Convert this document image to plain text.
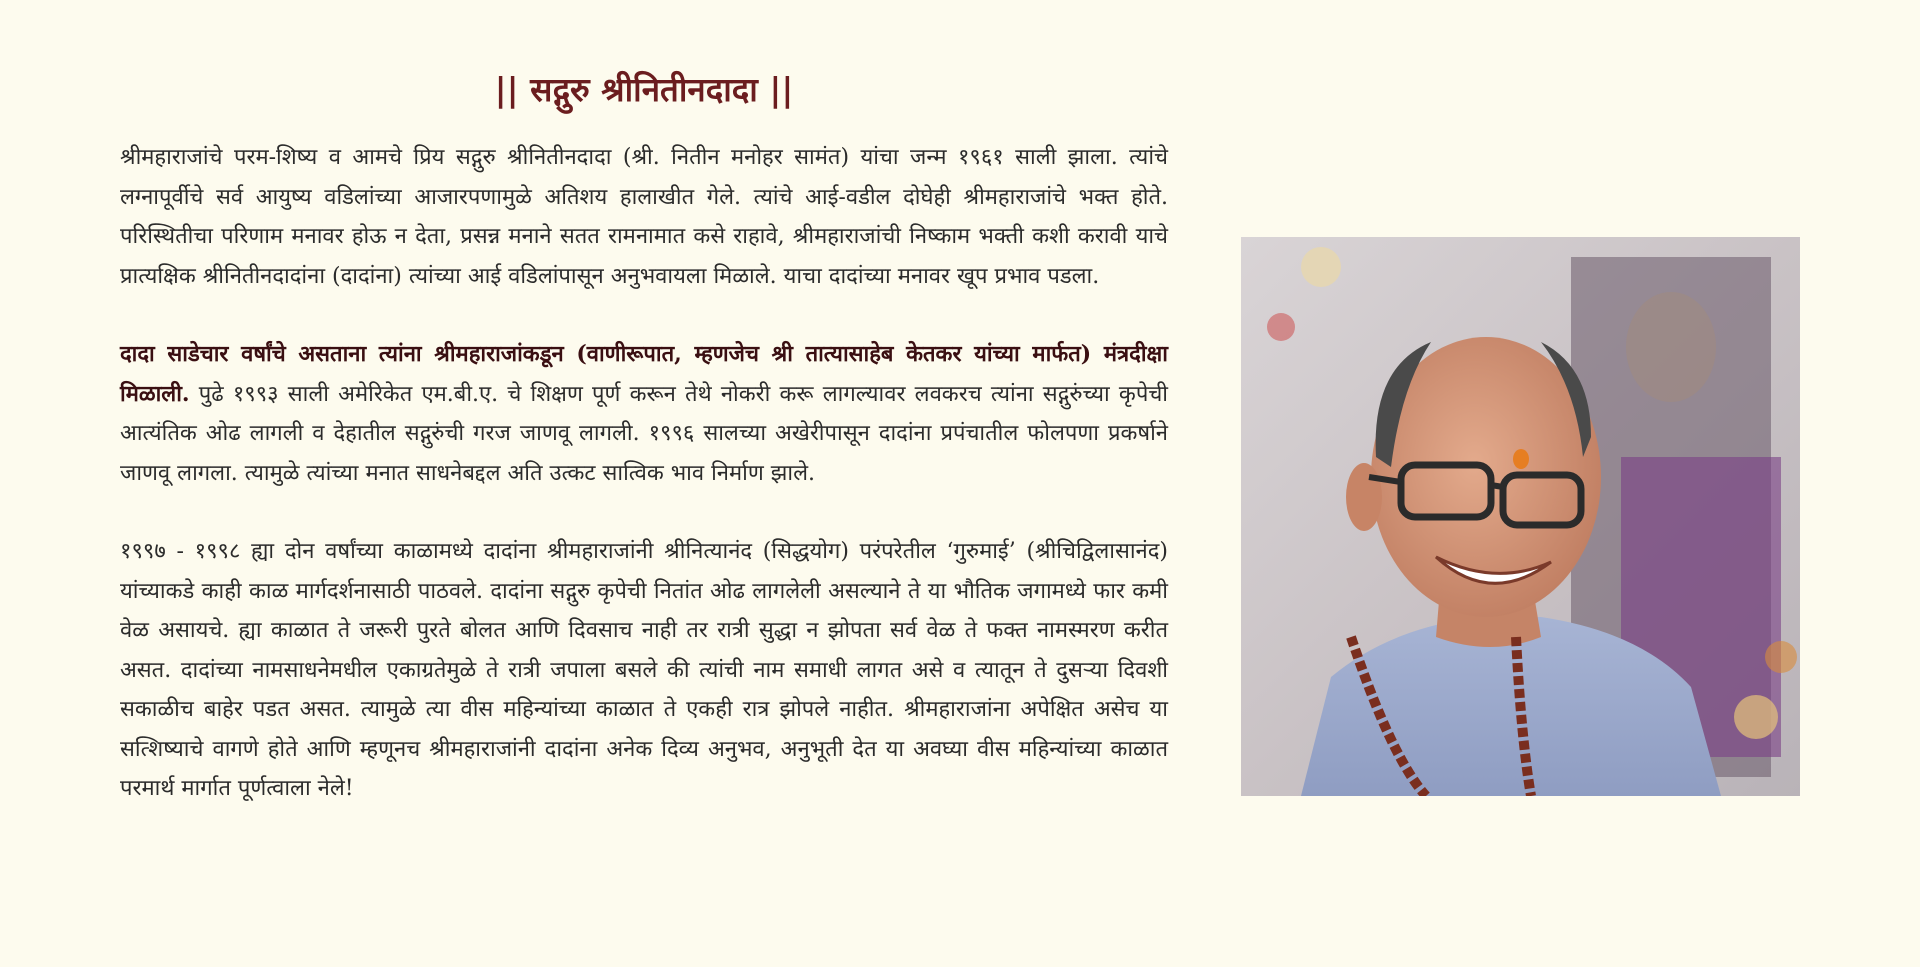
|| सद्गुरु श्रीनितीनदादा ||

श्रीमहाराजांचे परम-शिष्य व आमचे प्रिय सद्गुरु श्रीनितीनदादा (श्री. नितीन मनोहर सामंत) यांचा जन्म १९६१ साली झाला. त्यांचे लग्नापूर्वीचे सर्व आयुष्य वडिलांच्या आजारपणामुळे अतिशय हालाखीत गेले. त्यांचे आई-वडील दोघेही श्रीमहाराजांचे भक्त होते. परिस्थितीचा परिणाम मनावर होऊ न देता, प्रसन्न मनाने सतत रामनामात कसे राहावे, श्रीमहाराजांची निष्काम भक्ती कशी करावी याचे प्रात्यक्षिक श्रीनितीनदादांना (दादांना) त्यांच्या आई वडिलांपासून अनुभवायला मिळाले. याचा दादांच्या मनावर खूप प्रभाव पडला.

दादा साडेचार वर्षांचे असताना त्यांना श्रीमहाराजांकडून (वाणीरूपात, म्हणजेच श्री तात्यासाहेब केतकर यांच्या मार्फत) मंत्रदीक्षा मिळाली. पुढे १९९३ साली अमेरिकेत एम.बी.ए. चे शिक्षण पूर्ण करून तेथे नोकरी करू लागल्यावर लवकरच त्यांना सद्गुरुंच्या कृपेची आत्यंतिक ओढ लागली व देहातील सद्गुरुंची गरज जाणवू लागली. १९९६ सालच्या अखेरीपासून दादांना प्रपंचातील फोलपणा प्रकर्षाने जाणवू लागला. त्यामुळे त्यांच्या मनात साधनेबद्दल अति उत्कट सात्विक भाव निर्माण झाले.

१९९७ - १९९८ ह्या दोन वर्षांच्या काळामध्ये दादांना श्रीमहाराजांनी श्रीनित्यानंद (सिद्धयोग) परंपरेतील ‘गुरुमाई’ (श्रीचिद्विलासानंद) यांच्याकडे काही काळ मार्गदर्शनासाठी पाठवले. दादांना सद्गुरु कृपेची नितांत ओढ लागलेली असल्याने ते या भौतिक जगामध्ये फार कमी वेळ असायचे. ह्या काळात ते जरूरी पुरते बोलत आणि दिवसाच नाही तर रात्री सुद्धा न झोपता सर्व वेळ ते फक्त नामस्मरण करीत असत. दादांच्या नामसाधनेमधील एकाग्रतेमुळे ते रात्री जपाला बसले की त्यांची नाम समाधी लागत असे व त्यातून ते दुसऱ्या दिवशी सकाळीच बाहेर पडत असत. त्यामुळे त्या वीस महिन्यांच्या काळात ते एकही रात्र झोपले नाहीत. श्रीमहाराजांना अपेक्षित असेच या सत्शिष्याचे वागणे होते आणि म्हणूनच श्रीमहाराजांनी दादांना अनेक दिव्य अनुभव, अनुभूती देत या अवघ्या वीस महिन्यांच्या काळात परमार्थ मार्गात पूर्णत्वाला नेले!
